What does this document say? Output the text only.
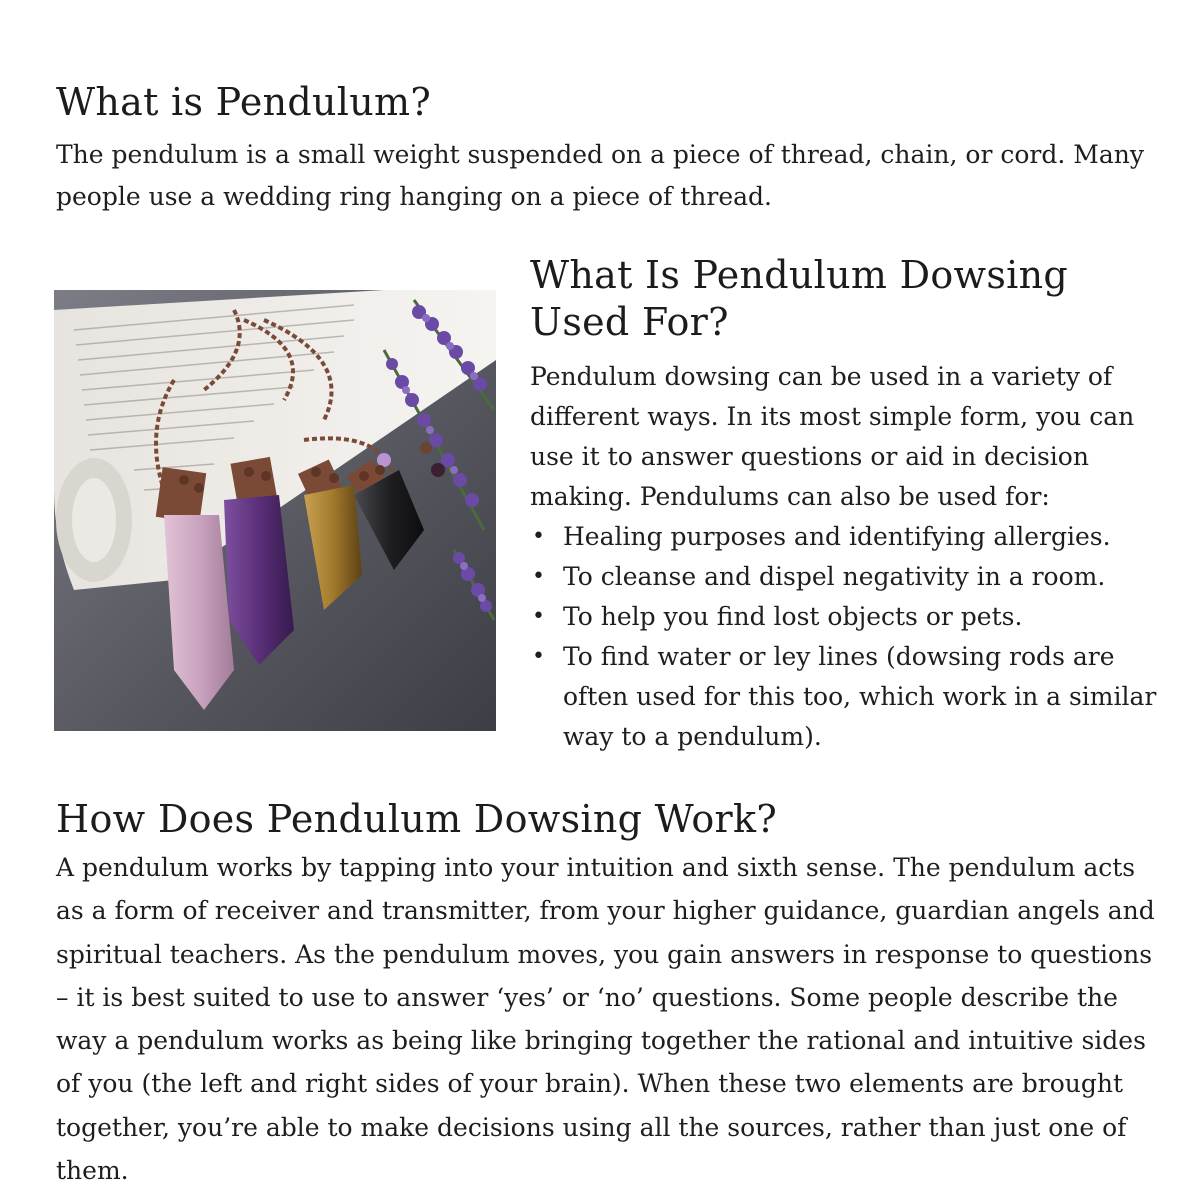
What is Pendulum?

The pendulum is a small weight suspended on a piece of thread, chain, or cord. Many people use a wedding ring hanging on a piece of thread.

What Is Pendulum Dowsing Used For?

Pendulum dowsing can be used in a variety of different ways. In its most simple form, you can use it to answer questions or aid in decision making. Pendulums can also be used for:

• Healing purposes and identifying allergies.
• To cleanse and dispel negativity in a room.
• To help you find lost objects or pets.
• To find water or ley lines (dowsing rods are often used for this too, which work in a similar way to a pendulum).
How Does Pendulum Dowsing Work?

A pendulum works by tapping into your intuition and sixth sense. The pendulum acts as a form of receiver and transmitter, from your higher guidance, guardian angels and spiritual teachers. As the pendulum moves, you gain answers in response to questions – it is best suited to use to answer ‘yes’ or ‘no’ questions. Some people describe the way a pendulum works as being like bringing together the rational and intuitive sides of you (the left and right sides of your brain). When these two elements are brought together, you’re able to make decisions using all the sources, rather than just one of them.
